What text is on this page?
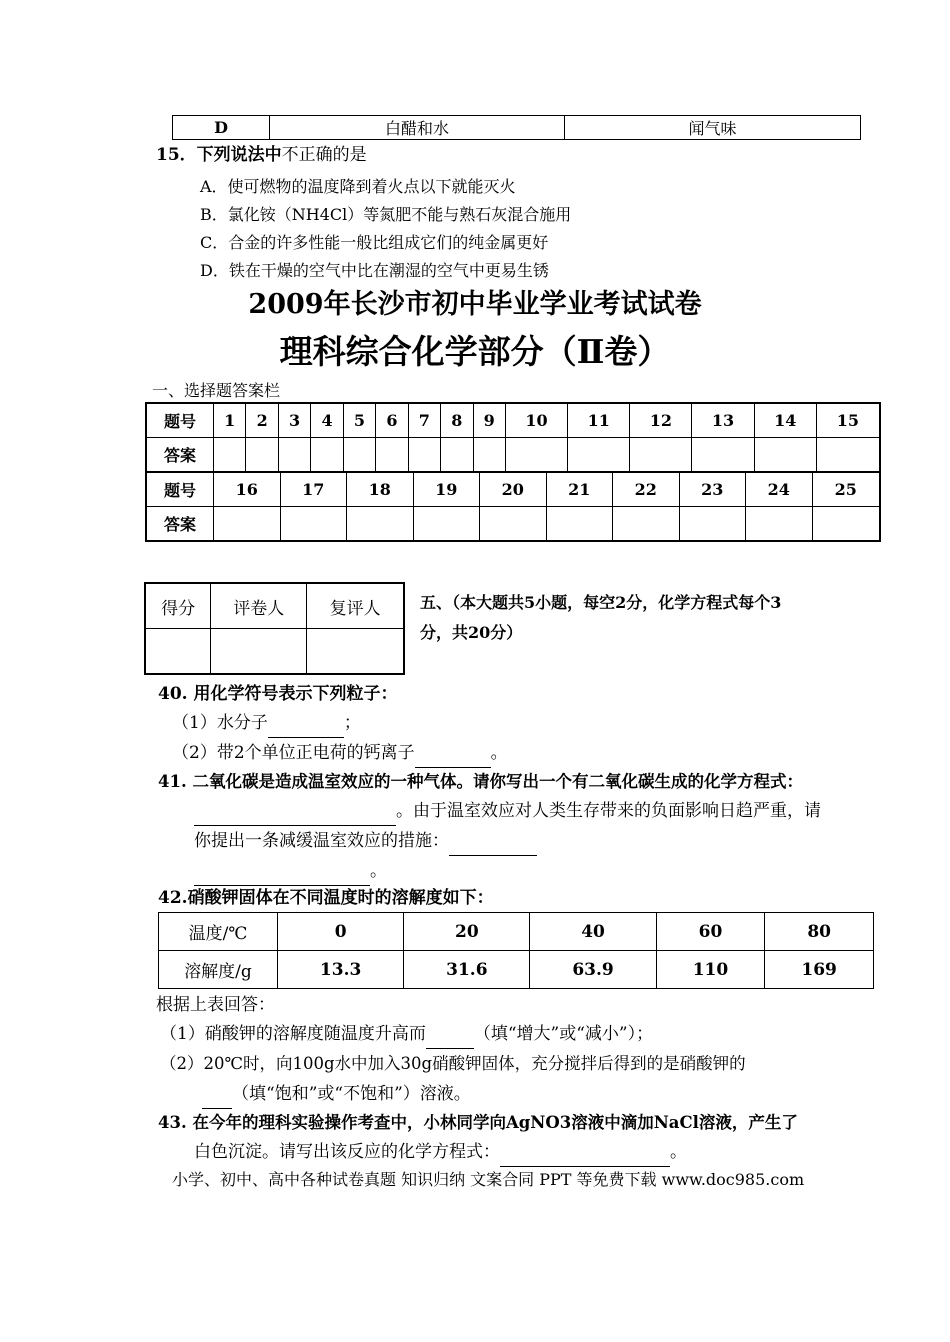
D	白醋和水	闻气味
15．下列说法中不正确的是
A．使可燃物的温度降到着火点以下就能灭火
B．氯化铵（NH4Cl）等氮肥不能与熟石灰混合施用
C．合金的许多性能一般比组成它们的纯金属更好
D．铁在干燥的空气中比在潮湿的空气中更易生锈
2009年长沙市初中毕业学业考试试卷
理科综合化学部分（Ⅱ卷）
一、选择题答案栏
题号	1	2	3	4	5	6	7	8	9	10	11	12	13	14	15
答案															
题号	16	17	18	19	20	21	22	23	24	25
答案										
得分	评卷人	复评人
		五、（本大题共5小题，每空2分，化学方程式每个3
分，共20分）
40. 用化学符号表示下列粒子：
（1）水分子	；
（2）带2个单位正电荷的钙离子	。
41. 二氧化碳是造成温室效应的一种气体。请你写出一个有二氧化碳生成的化学方程式：
。由于温室效应对人类生存带来的负面影响日趋严重，请
你提出一条减缓温室效应的措施：
。
42.硝酸钾固体在不同温度时的溶解度如下：
温度/℃	0	20	40	60	80
溶解度/g	13.3	31.6	63.9	110	169
根据上表回答：
（1）硝酸钾的溶解度随温度升高而	（填“增大”或“减小”）；
（2）20℃时，向100g水中加入30g硝酸钾固体，充分搅拌后得到的是硝酸钾的
（填“饱和”或“不饱和”）溶液。
43. 在今年的理科实验操作考查中，小林同学向AgNO3溶液中滴加NaCl溶液，产生了
白色沉淀。请写出该反应的化学方程式：	。
小学、初中、高中各种试卷真题 知识归纳 文案合同 PPT 等免费下载 www.doc985.com
